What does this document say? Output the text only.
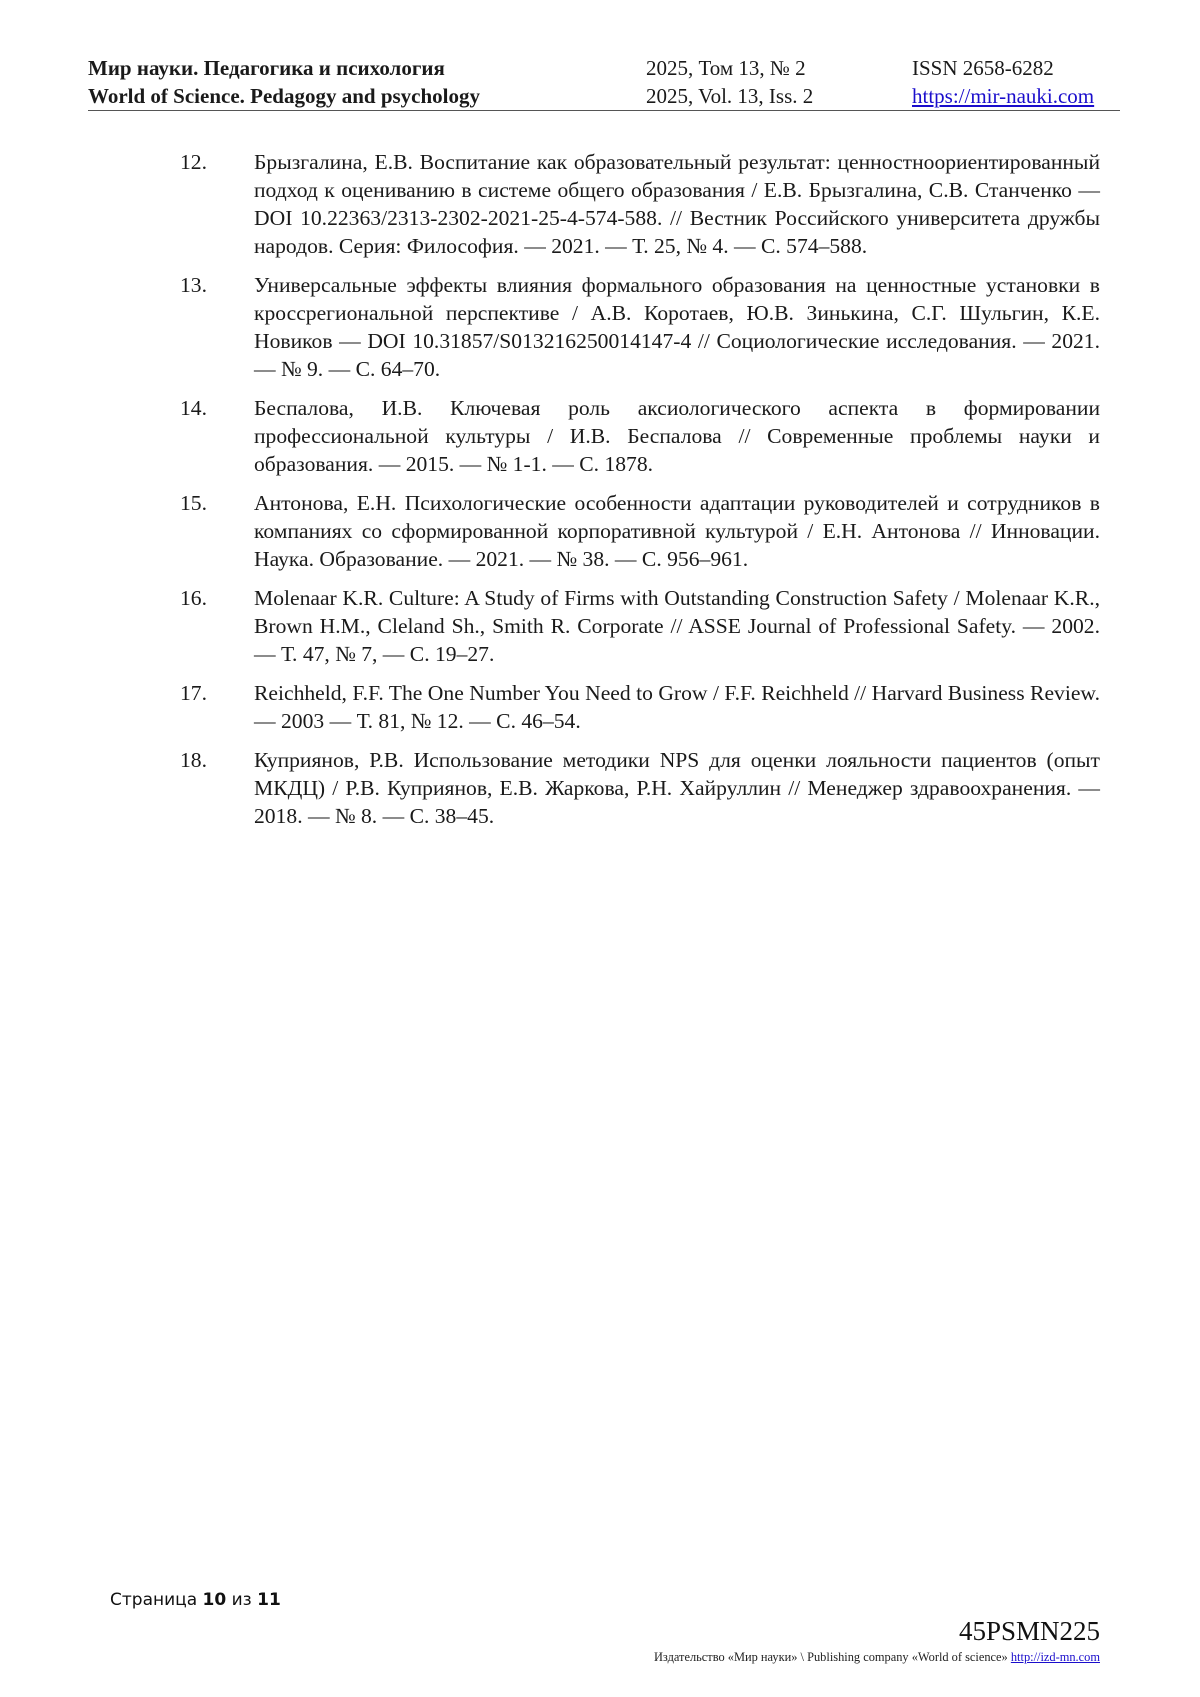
Мир науки. Педагогика и психология
World of Science. Pedagogy and psychology
2025, Том 13, № 2
2025, Vol. 13, Iss. 2
ISSN 2658-6282
https://mir-nauki.com
12. Брызгалина, Е.В. Воспитание как образовательный результат: ценностноориентированный подход к оцениванию в системе общего образования / Е.В. Брызгалина, С.В. Станченко — DOI 10.22363/2313-2302-2021-25-4-574-588. // Вестник Российского университета дружбы народов. Серия: Философия. — 2021. — Т. 25, № 4. — С. 574–588.
13. Универсальные эффекты влияния формального образования на ценностные установки в кроссрегиональной перспективе / А.В. Коротаев, Ю.В. Зинькина, С.Г. Шульгин, К.Е. Новиков — DOI 10.31857/S013216250014147-4 // Социологические исследования. — 2021. — № 9. — С. 64–70.
14. Беспалова, И.В. Ключевая роль аксиологического аспекта в формировании профессиональной культуры / И.В. Беспалова // Современные проблемы науки и образования. — 2015. — № 1-1. — С. 1878.
15. Антонова, Е.Н. Психологические особенности адаптации руководителей и сотрудников в компаниях со сформированной корпоративной культурой / Е.Н. Антонова // Инновации. Наука. Образование. — 2021. — № 38. — С. 956–961.
16. Molenaar K.R. Culture: A Study of Firms with Outstanding Construction Safety / Molenaar K.R., Brown H.M., Cleland Sh., Smith R. Corporate // ASSE Journal of Professional Safety. — 2002. — Т. 47, № 7, — С. 19–27.
17. Reichheld, F.F. The One Number You Need to Grow / F.F. Reichheld // Harvard Business Review. — 2003 — Т. 81, № 12. — С. 46–54.
18. Куприянов, Р.В. Использование методики NPS для оценки лояльности пациентов (опыт МКДЦ) / Р.В. Куприянов, Е.В. Жаркова, Р.Н. Хайруллин // Менеджер здравоохранения. — 2018. — № 8. — С. 38–45.
Страница 10 из 11
45PSMN225
Издательство «Мир науки» \ Publishing company «World of science» http://izd-mn.com
